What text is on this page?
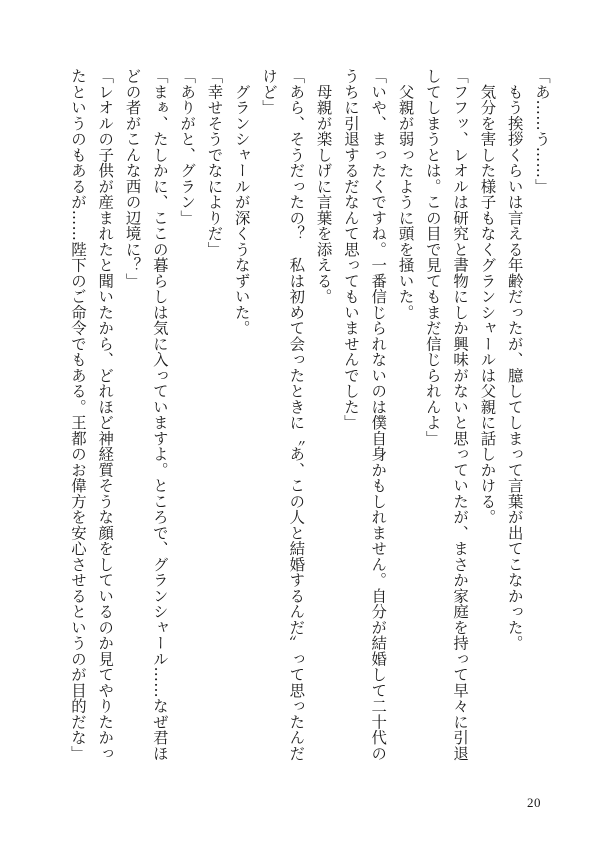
「あ……う……」

　もう挨拶くらいは言える年齢だったが、臆してしまって言葉が出てこなかった。

　気分を害した様子もなくグランシャールは父親に話しかける。

「フフッ、レオルは研究と書物にしか興味がないと思っていたが、まさか家庭を持って早々に引退

してしまうとは。この目で見てもまだ信じられんよ」

　父親が弱ったように頭を掻いた。

「いや、まったくですね。一番信じられないのは僕自身かもしれません。自分が結婚して二十代の

うちに引退するだなんて思ってもいませんでした」

　母親が楽しげに言葉を添える。

「あら、そうだったの？　私は初めて会ったときに〝あ、この人と結婚するんだ〟って思ったんだ

けど」

　グランシャールが深くうなずいた。

「幸せそうでなによりだ」

「ありがと、グラン」

「まぁ、たしかに、ここの暮らしは気に入っていますよ。ところで、グランシャール……なぜ君ほ

どの者がこんな西の辺境に？」

「レオルの子供が産まれたと聞いたから、どれほど神経質そうな顔をしているのか見てやりたかっ

たというのもあるが……陛下のご命令でもある。王都のお偉方を安心させるというのが目的だな」

20
